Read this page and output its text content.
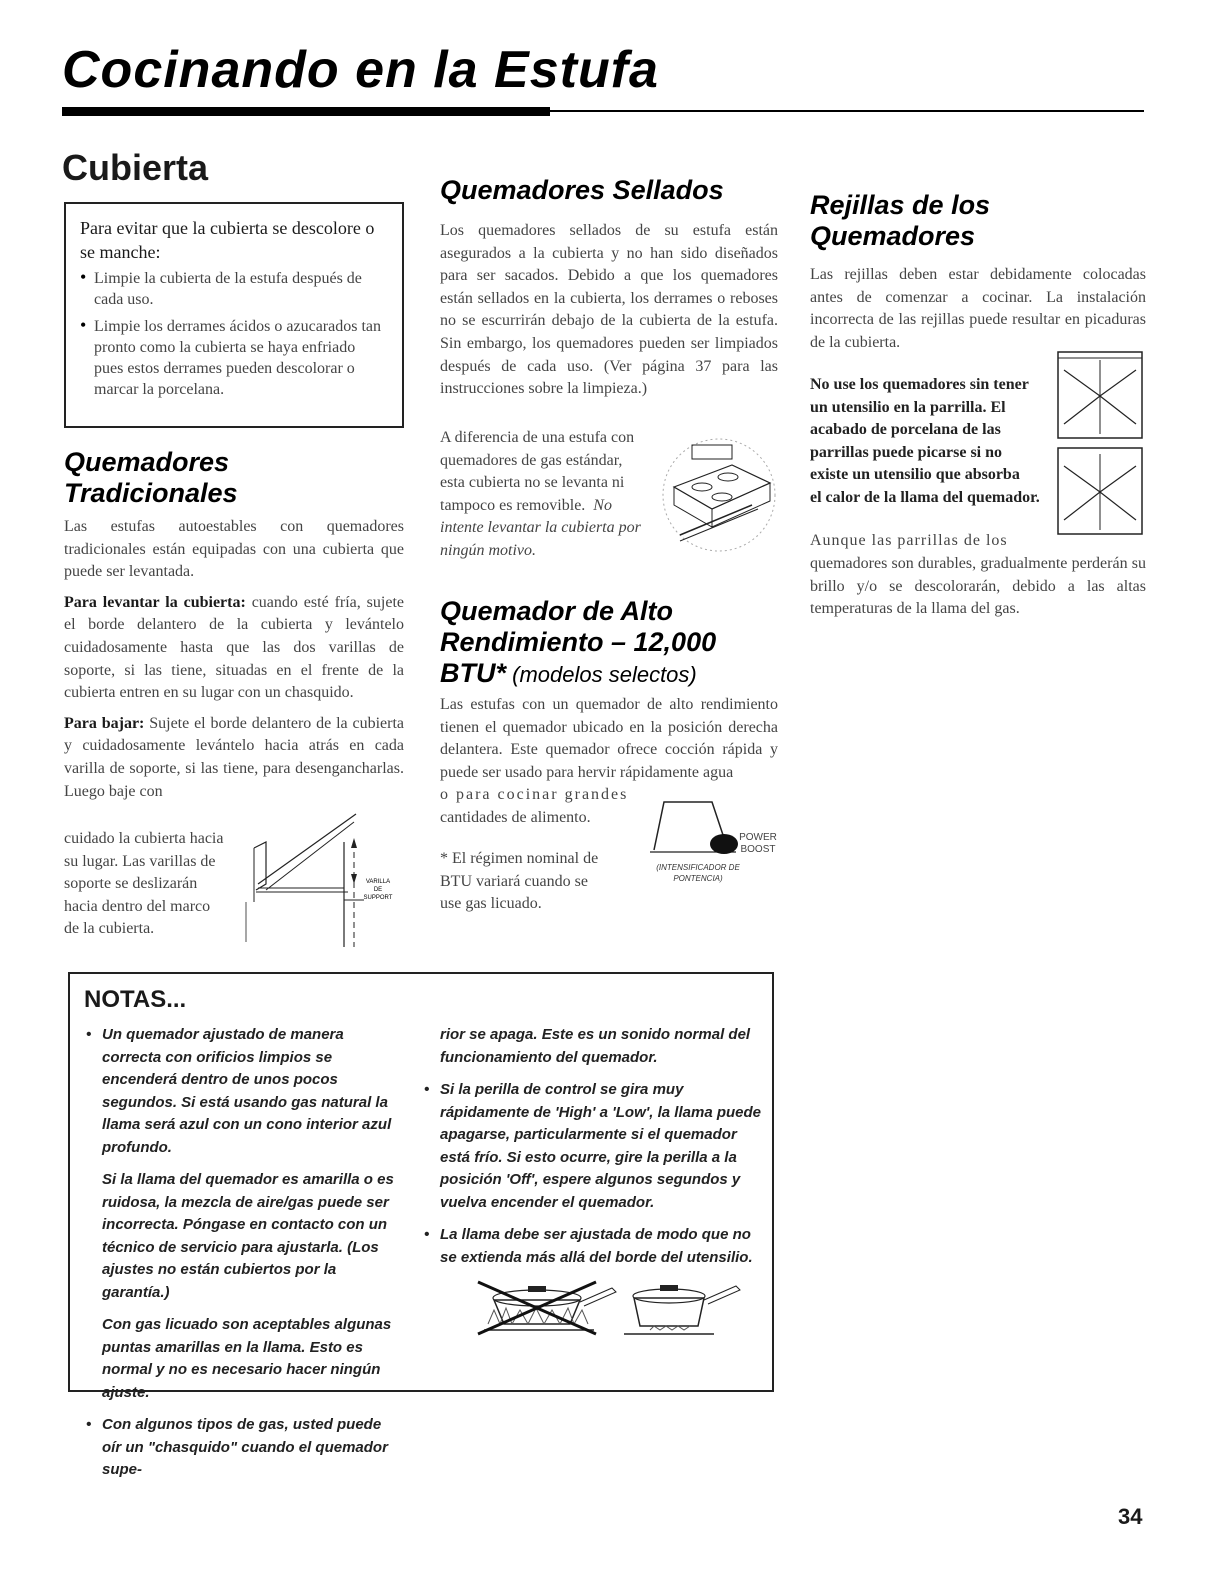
Cocinando en la Estufa
Cubierta

Para evitar que la cubierta se descolore o se manche:

• Limpie la cubierta de la estufa después de cada uso.
• Limpie los derrames ácidos o azucarados tan pronto como la cubierta se haya enfriado pues estos derrames pueden descolorar o marcar la porcelana.
Quemadores
Tradicionales

Las estufas autoestables con quemadores tradicionales están equipadas con una cubierta que puede ser levantada.

Para levantar la cubierta: cuando esté fría, sujete el borde delantero de la cubierta y levántelo cuidadosamente hasta que las dos varillas de soporte, si las tiene, situadas en el frente de la cubierta entren en su lugar con un chasquido.

Para bajar: Sujete el borde delantero de la cubierta y cuidadosamente levántelo hacia atrás en cada varilla de soporte, si las tiene, para desengancharlas. Luego baje con

cuidado la cubierta hacia
su lugar. Las varillas de
soporte se deslizarán
hacia dentro del marco
de la cubierta.
VARILLA
DE
SUPPORT
Quemadores Sellados

Los quemadores sellados de su estufa están asegurados a la cubierta y no han sido diseñados para ser sacados. Debido a que los quemadores están sellados en la cubierta, los derrames o reboses no se escurrirán debajo de la cubierta de la estufa. Sin embargo, los quemadores pueden ser limpiados después de cada uso. (Ver página 37 para las instrucciones sobre la limpieza.)

A diferencia de una estufa con
quemadores de gas estándar,
esta cubierta no se levanta ni
tampoco es removible. No
intente levantar la cubierta por
ningún motivo.
Quemador de Alto
Rendimiento – 12,000
BTU* (modelos selectos)

Las estufas con un quemador de alto rendimiento tienen el quemador ubicado en la posición derecha delantera. Este quemador ofrece cocción rápida y puede ser usado para hervir rápidamente agua

o para cocinar grandes
cantidades de alimento.
* El régimen nominal de
BTU variará cuando se
use gas licuado.
POWER
BOOST
(INTENSIFICADOR DE
PONTENCIA)
Rejillas de los
Quemadores

Las rejillas deben estar debidamente colocadas antes de comenzar a cocinar. La instalación incorrecta de las rejillas puede resultar en picaduras de la cubierta.

No use los quemadores sin tener
un utensilio en la parrilla. El
acabado de porcelana de las
parrillas puede picarse si no
existe un utensilio que absorba
el calor de la llama del quemador.
Aunque las parrillas de los

quemadores son durables, gradualmente perderán su brillo y/o se descolorarán, debido a las altas temperaturas de la llama del gas.

NOTAS...

• Un quemador ajustado de manera correcta con orificios limpios se encenderá dentro de unos pocos segundos. Si está usando gas natural la llama será azul con un cono interior azul profundo.

Si la llama del quemador es amarilla o es ruidosa, la mezcla de aire/gas puede ser incorrecta. Póngase en contacto con un técnico de servicio para ajustarla. (Los ajustes no están cubiertos por la garantía.)

Con gas licuado son aceptables algunas puntas amarillas en la llama. Esto es normal y no es necesario hacer ningún ajuste.

• Con algunos tipos de gas, usted puede oír un "chasquido" cuando el quemador supe-

rior se apaga. Este es un sonido normal del funcionamiento del quemador.

• Si la perilla de control se gira muy rápidamente de 'High' a 'Low', la llama puede apagarse, particularmente si el quemador está frío. Si esto ocurre, gire la perilla a la posición 'Off', espere algunos segundos y vuelva encender el quemador.

• La llama debe ser ajustada de modo que no se extienda más allá del borde del utensilio.

34
